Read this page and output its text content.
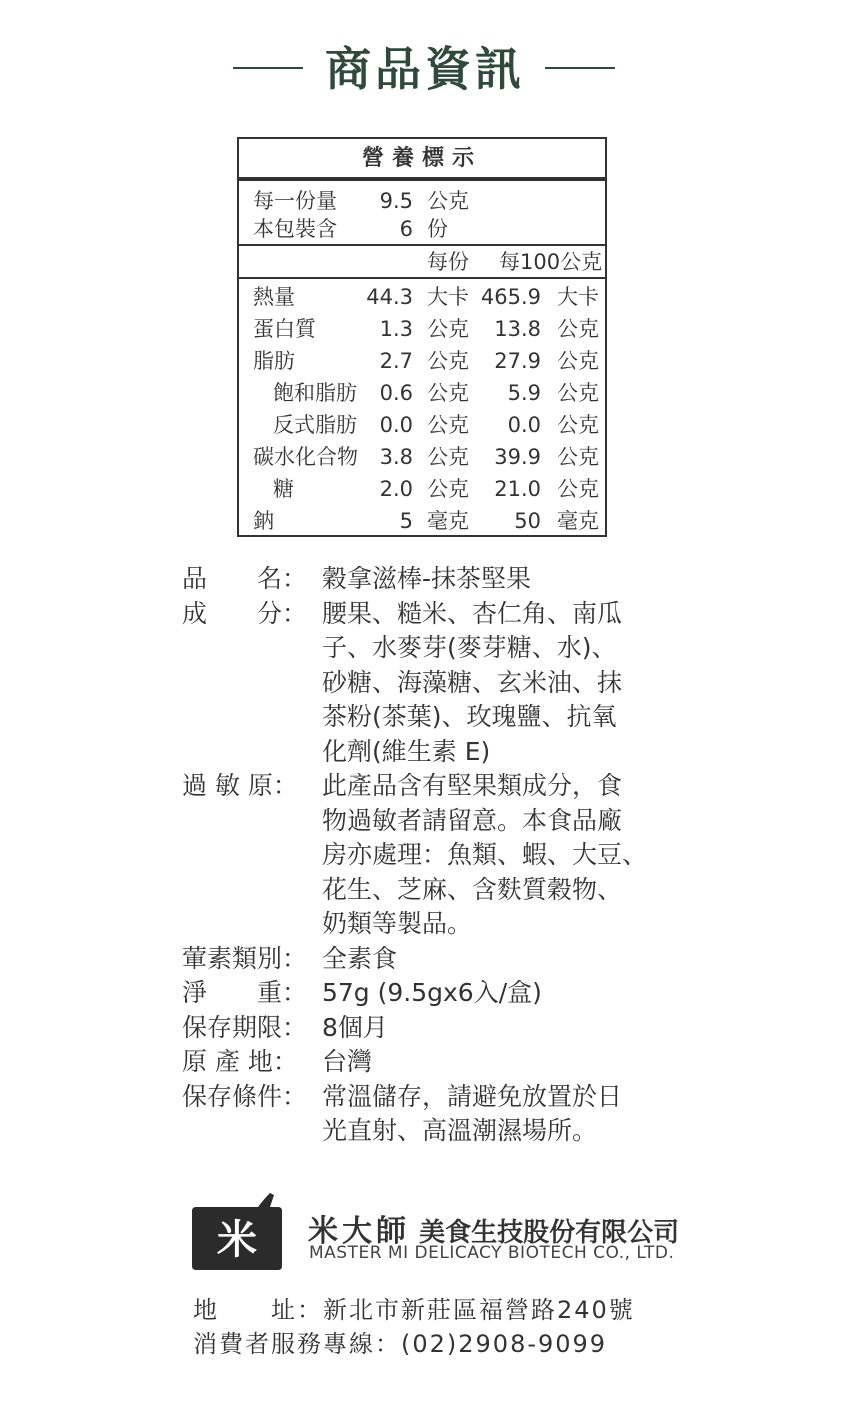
商品資訊
營養標示
每一份量 9.5 公克
本包裝含	6 份
每份 每100公克
熱量	44.3 大卡 465.9 大卡
蛋白質	1.3 公克 13.8 公克
脂肪	2.7 公克 27.9 公克
飽和脂肪 0.6 公克 5.9 公克
反式脂肪 0.0 公克 0.0 公克
碳水化合物 3.8 公克 39.9 公克
糖	2.0 公克 21.0 公克
鈉	5 毫克 50 毫克
品　　名： 穀拿滋棒-抹茶堅果
成　　分： 腰果、糙米、杏仁角、南瓜
子、水麥芽(麥芽糖、水)、
砂糖、海藻糖、玄米油、抹
茶粉(茶葉)、玫瑰鹽、抗氧
化劑(維生素 E)
過 敏 原： 此產品含有堅果類成分，食
物過敏者請留意。本食品廠
房亦處理：魚類、蝦、大豆、
花生、芝麻、含麩質穀物、
奶類等製品。
葷素類別： 全素食
淨　　重： 57g (9.5gx6入/盒)
保存期限： 8個月
原 產 地： 台灣
保存條件： 常溫儲存，請避免放置於日
光直射、高溫潮濕場所。
米 米大師 美食生技股份有限公司
MASTER MI DELICACY BIOTECH CO., LTD.
地　　址：新北市新莊區福營路240號
消費者服務專線：(02)2908-9099
